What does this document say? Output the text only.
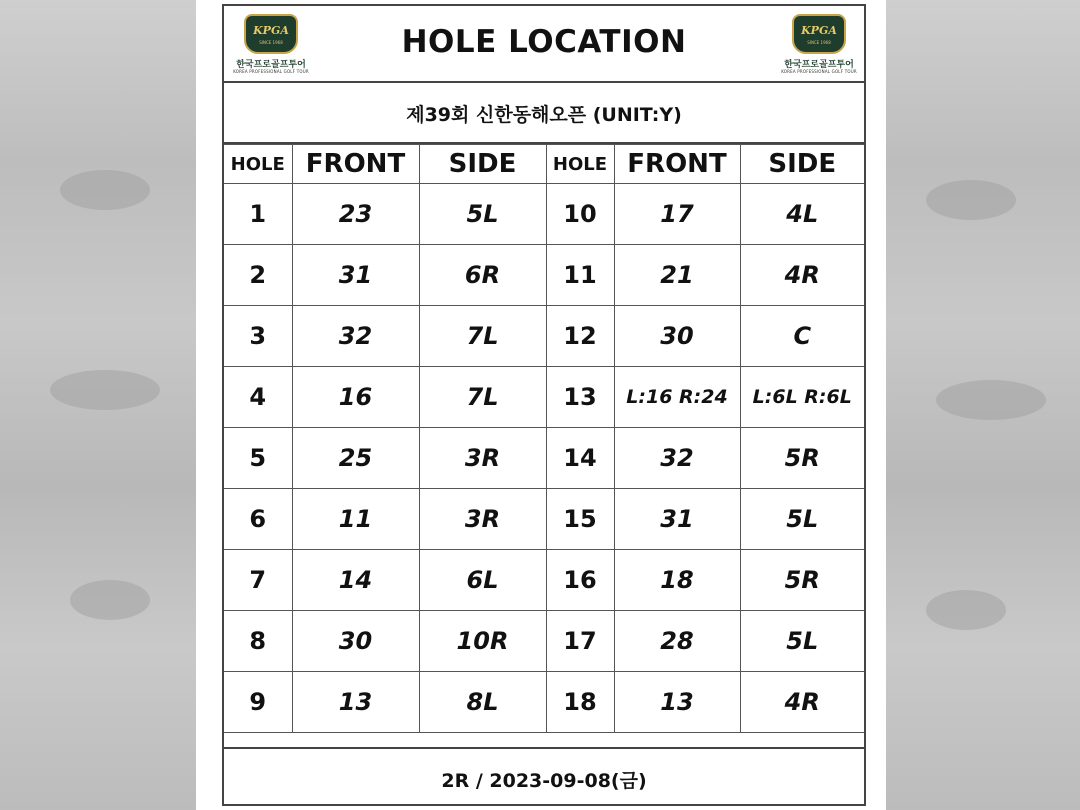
KPGA
SINCE 1968
한국프로골프투어
KOREA PROFESSIONAL GOLF TOUR
HOLE LOCATION	KPGA
SINCE 1968
한국프로골프투어
KOREA PROFESSIONAL GOLF TOUR
제39회 신한동해오픈 (UNIT:Y)
HOLE	FRONT	SIDE	HOLE	FRONT	SIDE
1	23	5L	10	17	4L
2	31	6R	11	21	4R
3	32	7L	12	30	C
4	16	7L	13	L:16 R:24	L:6L R:6L
5	25	3R	14	32	5R
6	11	3R	15	31	5L
7	14	6L	16	18	5R
8	30	10R	17	28	5L
9	13	8L	18	13	4R
2R / 2023-09-08(금)
